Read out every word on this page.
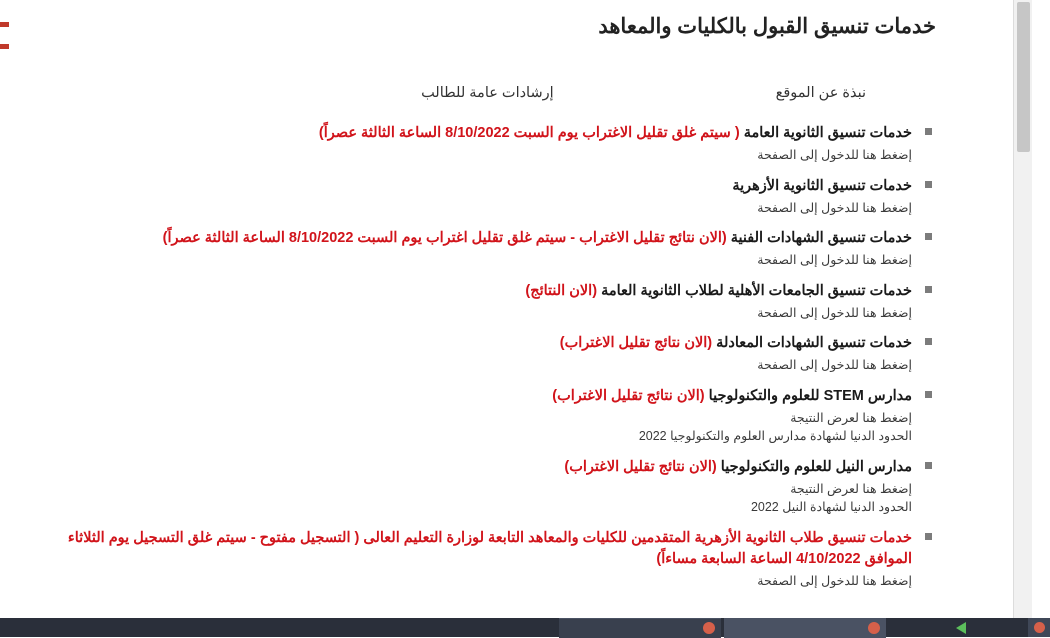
خدمات تنسيق القبول بالكليات والمعاهد
نبذة عن الموقع
إرشادات عامة للطالب
خدمات تنسيق الثانوية العامة ( سيتم غلق تقليل الاغتراب يوم السبت 8/10/2022 الساعة الثالثة عصراً)
إضغط هنا للدخول إلى الصفحة
خدمات تنسيق الثانوية الأزهرية
إضغط هنا للدخول إلى الصفحة
خدمات تنسيق الشهادات الفنية (الان نتائج تقليل الاغتراب - سيتم غلق تقليل اغتراب يوم السبت 8/10/2022 الساعة الثالثة عصراً)
إضغط هنا للدخول إلى الصفحة
خدمات تنسيق الجامعات الأهلية لطلاب الثانوية العامة (الان النتائج)
إضغط هنا للدخول إلى الصفحة
خدمات تنسيق الشهادات المعادلة (الان نتائج تقليل الاغتراب)
إضغط هنا للدخول إلى الصفحة
مدارس STEM للعلوم والتكنولوجيا (الان نتائج تقليل الاغتراب)
إضغط هنا لعرض النتيجة
الحدود الدنيا لشهادة مدارس العلوم والتكنولوجيا 2022
مدارس النيل للعلوم والتكنولوجيا (الان نتائج تقليل الاغتراب)
إضغط هنا لعرض النتيجة
الحدود الدنيا لشهادة النيل 2022
خدمات تنسيق طلاب الثانوية الأزهرية المتقدمين للكليات والمعاهد التابعة لوزارة التعليم العالى ( التسجيل مفتوح - سيتم غلق التسجيل يوم الثلاثاء الموافق 4/10/2022 الساعة السابعة مساءاً)
إضغط هنا للدخول إلى الصفحة
